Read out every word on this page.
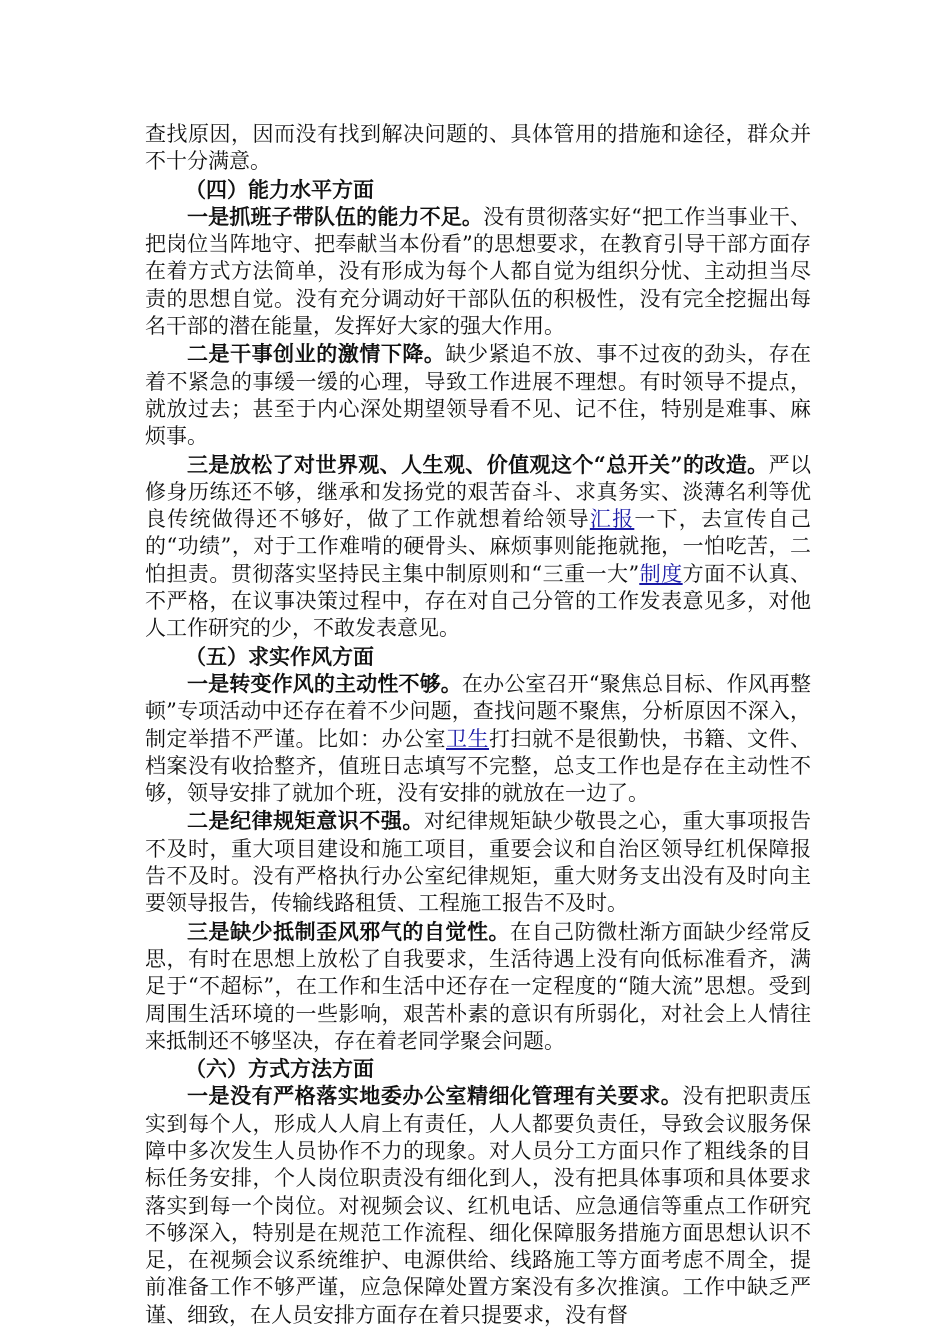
查找原因，因而没有找到解决问题的、具体管用的措施和途径，群众并不十分满意。

（四）能力水平方面

一是抓班子带队伍的能力不足。没有贯彻落实好“把工作当事业干、把岗位当阵地守、把奉献当本份看”的思想要求，在教育引导干部方面存在着方式方法简单，没有形成为每个人都自觉为组织分忧、主动担当尽责的思想自觉。没有充分调动好干部队伍的积极性，没有完全挖掘出每名干部的潜在能量，发挥好大家的强大作用。

二是干事创业的激情下降。缺少紧追不放、事不过夜的劲头，存在着不紧急的事缓一缓的心理，导致工作进展不理想。有时领导不提点，就放过去；甚至于内心深处期望领导看不见、记不住，特别是难事、麻烦事。

三是放松了对世界观、人生观、价值观这个“总开关”的改造。严以修身历练还不够，继承和发扬党的艰苦奋斗、求真务实、淡薄名利等优良传统做得还不够好，做了工作就想着给领导汇报一下，去宣传自己的“功绩”，对于工作难啃的硬骨头、麻烦事则能拖就拖，一怕吃苦，二怕担责。贯彻落实坚持民主集中制原则和“三重一大”制度方面不认真、不严格，在议事决策过程中，存在对自己分管的工作发表意见多，对他人工作研究的少，不敢发表意见。

（五）求实作风方面

一是转变作风的主动性不够。在办公室召开“聚焦总目标、作风再整顿”专项活动中还存在着不少问题，查找问题不聚焦，分析原因不深入，制定举措不严谨。比如：办公室卫生打扫就不是很勤快，书籍、文件、档案没有收拾整齐，值班日志填写不完整，总支工作也是存在主动性不够，领导安排了就加个班，没有安排的就放在一边了。

二是纪律规矩意识不强。对纪律规矩缺少敬畏之心，重大事项报告不及时，重大项目建设和施工项目，重要会议和自治区领导红机保障报告不及时。没有严格执行办公室纪律规矩，重大财务支出没有及时向主要领导报告，传输线路租赁、工程施工报告不及时。

三是缺少抵制歪风邪气的自觉性。在自己防微杜渐方面缺少经常反思，有时在思想上放松了自我要求，生活待遇上没有向低标准看齐，满足于“不超标”，在工作和生活中还存在一定程度的“随大流”思想。受到周围生活环境的一些影响，艰苦朴素的意识有所弱化，对社会上人情往来抵制还不够坚决，存在着老同学聚会问题。

（六）方式方法方面

一是没有严格落实地委办公室精细化管理有关要求。没有把职责压实到每个人，形成人人肩上有责任，人人都要负责任，导致会议服务保障中多次发生人员协作不力的现象。对人员分工方面只作了粗线条的目标任务安排，个人岗位职责没有细化到人，没有把具体事项和具体要求落实到每一个岗位。对视频会议、红机电话、应急通信等重点工作研究不够深入，特别是在规范工作流程、细化保障服务措施方面思想认识不足，在视频会议系统维护、电源供给、线路施工等方面考虑不周全，提前准备工作不够严谨，应急保障处置方案没有多次推演。工作中缺乏严谨、细致，在人员安排方面存在着只提要求，没有督
